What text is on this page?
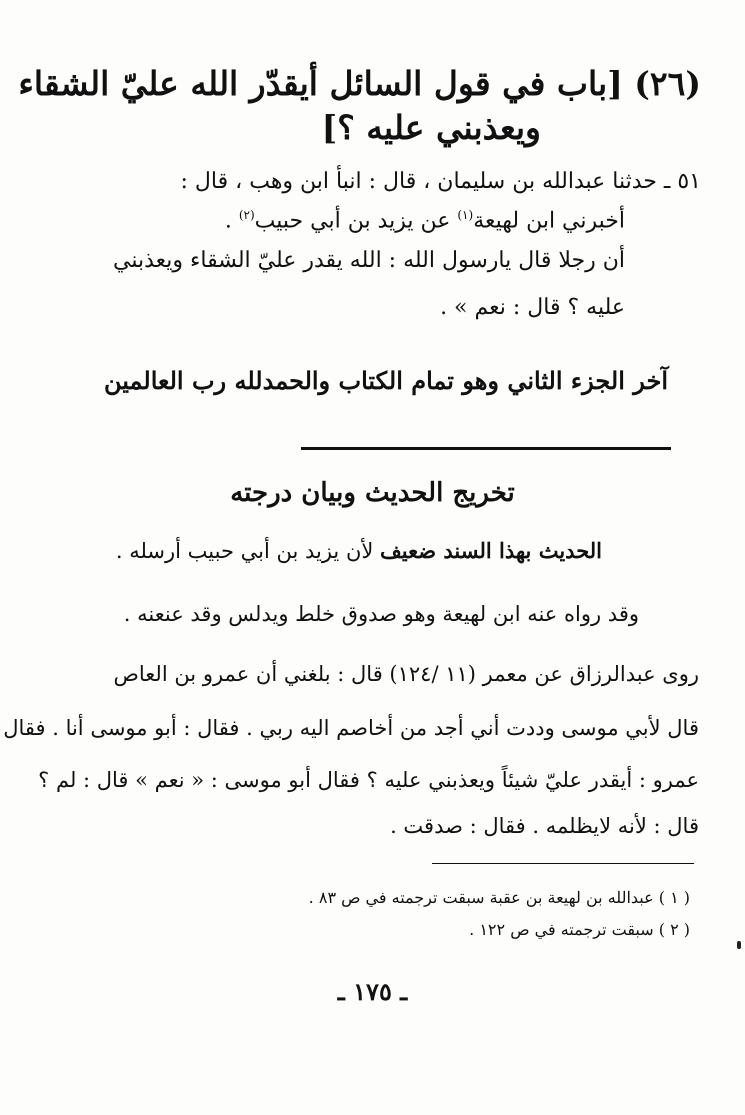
(٢٦) [باب في قول السائل أيقدّر الله عليّ الشقاء
ويعذبني عليه ؟]
٥١ ـ حدثنا عبدالله بن سليمان ، قال : انبأ ابن وهب ، قال :
أخبرني ابن لهيعة$^{(١)}$ عن يزيد بن أبي حبيب$^{(٢)}$ .
أن رجلا قال يارسول الله : الله يقدر عليّ الشقاء ويعذبني
عليه ؟ قال : نعم » .
آخر الجزء الثاني وهو تمام الكتاب والحمدلله رب العالمين
تخريج الحديث وبيان درجته
الحديث بهذا السند ضعيف لأن يزيد بن أبي حبيب أرسله .
وقد رواه عنه ابن لهيعة وهو صدوق خلط ويدلس وقد عنعنه .
روى عبدالرزاق عن معمر (١١ /١٢٤) قال : بلغني أن عمرو بن العاص
قال لأبي موسى وددت أني أجد من أخاصم اليه ربي . فقال : أبو موسى أنا . فقال
عمرو : أيقدر عليّ شيئاً ويعذبني عليه ؟ فقال أبو موسى : « نعم » قال : لم ؟
قال : لأنه لايظلمه . فقال : صدقت .
( ١ ) عبدالله بن لهيعة بن عقبة سبقت ترجمته في ص ٨٣ .
( ٢ ) سبقت ترجمته في ص ١٢٢ .
ـ ١٧٥ ـ
